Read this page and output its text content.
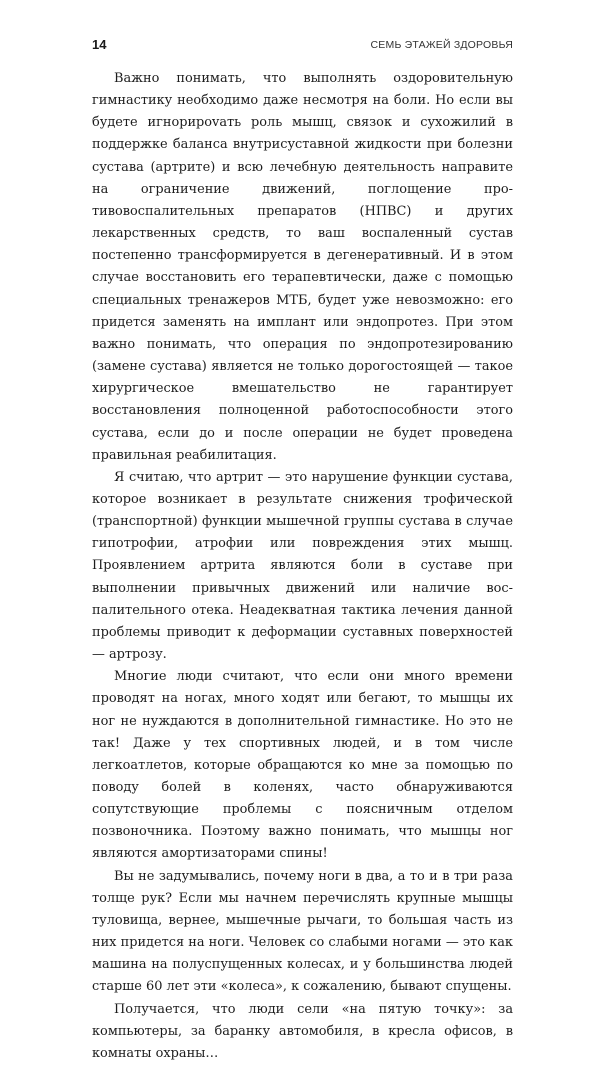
14	СЕМЬ ЭТАЖЕЙ ЗДОРОВЬЯ

Важно понимать, что выполнять оздоровительную гимнастику необходимо даже несмотря на боли. Но если вы будете игнорироvать роль мышц, связок и сухожилий в поддержке баланса внутрисуставной жидкости при болезни сустава (артрите) и всю лечебную деятельность направите на ограничение движений, поглощение противовоспалительных препаратов (НПВС) и других лекарственных средств, то ваш воспаленный сустав постепенно трансформируется в дегенеративный. И в этом случае восстановить его терапевтически, даже с помощью специальных тренажеров МТБ, будет уже невозможно: его придется заменять на имплант или эндопротез. При этом важно понимать, что операция по эндопротезированию (замене сустава) является не только дорогостоящей — такое хирургическое вмешательство не гарантирует восстановления полноценной работоспособности этого сустава, если до и после операции не будет проведена правильная реабилитация.

Я считаю, что артрит — это нарушение функции сустава, которое возникает в результате снижения трофической (транспортной) функции мышечной группы сустава в случае гипотрофии, атрофии или повреждения этих мышц. Проявлением артрита являются боли в суставе при выполнении привычных движений или наличие воспалительного отека. Неадекватная тактика лечения данной проблемы приводит к деформации суставных поверхностей — артрозу.

Многие люди считают, что если они много времени проводят на ногах, много ходят или бегают, то мышцы их ног не нуждаются в дополнительной гимнастике. Но это не так! Даже у тех спортивных людей, и в том числе легкоатлетов, которые обращаются ко мне за помощью по поводу болей в коленях, часто обнаруживаются сопутствующие проблемы с поясничным отделом позвоночника. Поэтому важно понимать, что мышцы ног являются амортизаторами спины!

Вы не задумывались, почему ноги в два, а то и в три раза толще рук? Если мы начнем перечислять крупные мышцы туловища, вернее, мышечные рычаги, то большая часть из них придется на ноги. Человек со слабыми ногами — это как машина на полуспущенных колесах, и у большинства людей старше 60 лет эти «колеса», к сожалению, бывают спущены.

Получается, что люди сели «на пятую точку»: за компьютеры, за баранку автомобиля, в кресла офисов, в комнаты охраны…
